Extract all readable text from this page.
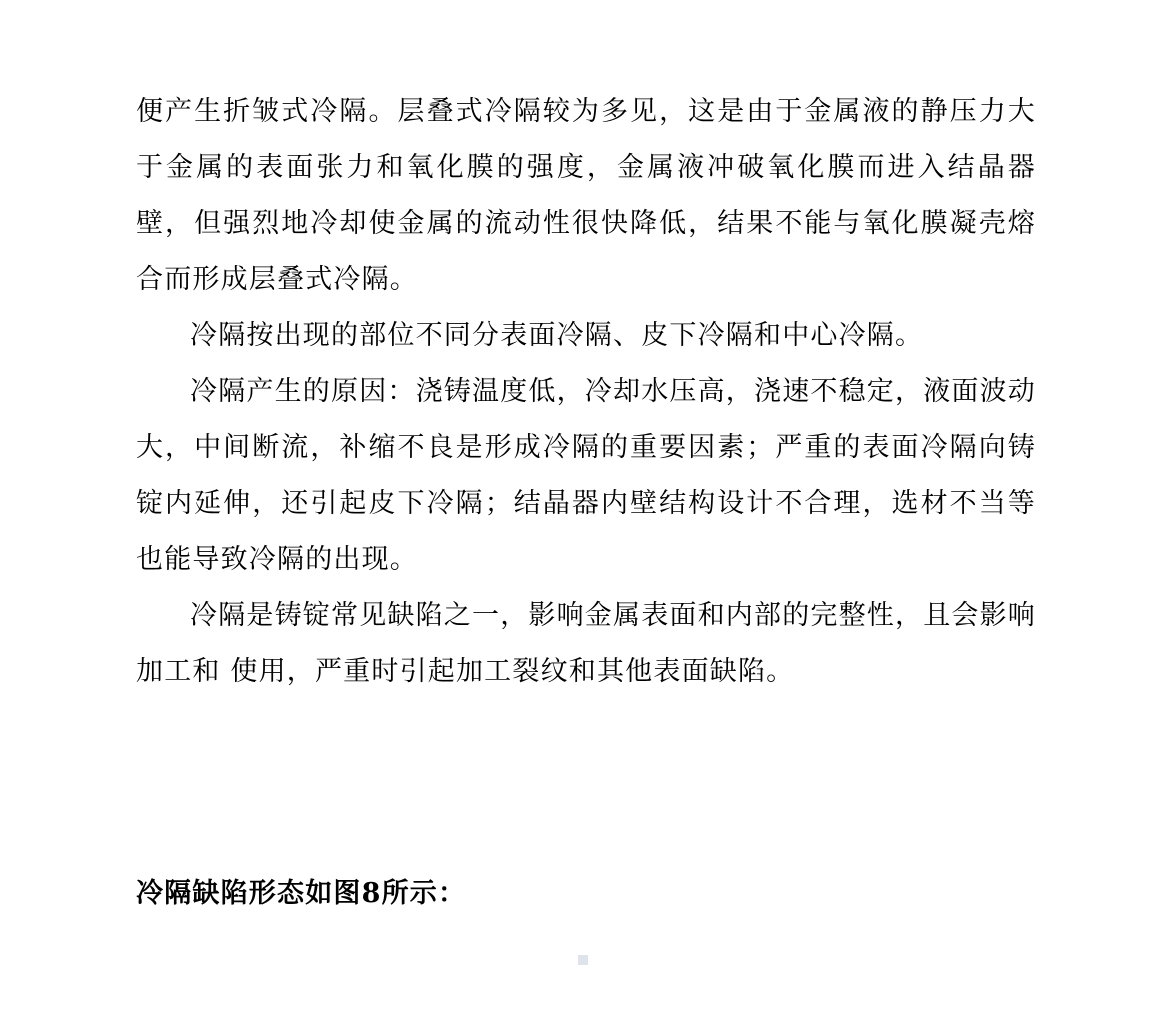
便产生折皱式冷隔。层叠式冷隔较为多见，这是由于金属液的静压力大于金属的表面张力和氧化膜的强度，金属液冲破氧化膜而进入结晶器壁，但强烈地冷却使金属的流动性很快降低，结果不能与氧化膜凝壳熔合而形成层叠式冷隔。

冷隔按出现的部位不同分表面冷隔、皮下冷隔和中心冷隔。

冷隔产生的原因：浇铸温度低，冷却水压高，浇速不稳定，液面波动大，中间断流，补缩不良是形成冷隔的重要因素；严重的表面冷隔向铸锭内延伸，还引起皮下冷隔；结晶器内壁结构设计不合理，选材不当等也能导致冷隔的出现。

冷隔是铸锭常见缺陷之一，影响金属表面和内部的完整性，且会影响加工和 使用，严重时引起加工裂纹和其他表面缺陷。

冷隔缺陷形态如图8所示：
